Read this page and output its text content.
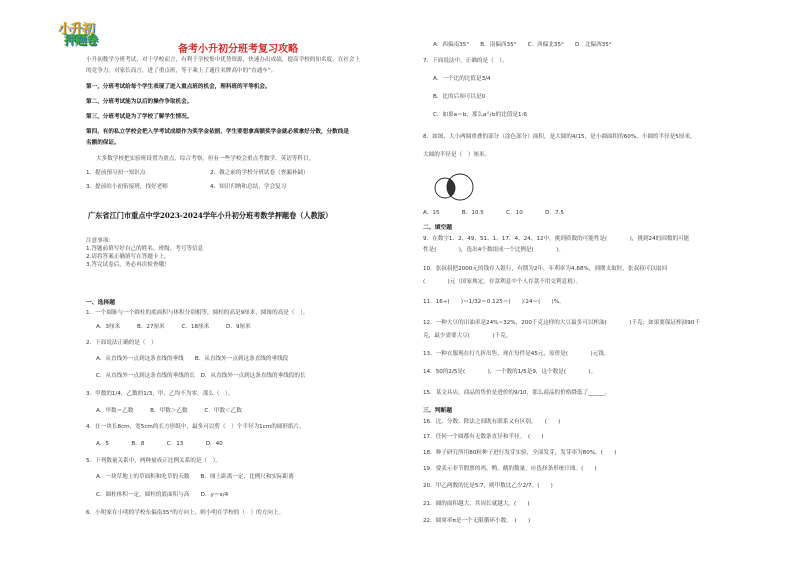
小升初
押题卷
备考小升初分班考复习攻略
小升初数学分班考试，对于学校而言，有利于学校集中优势资源，快速办出成绩，提高学校的知名度，在社会上
的竞争力。对家长而言，进了重点班，等于乘上了通往名牌高中的“直通车”。
第一，分班考试给每个学生表现了进入重点班的机会，理科班的平等机会。
第二，分班考试能为以后的操作争取机会。
第三，分班考试是为了学校了解学生情况。
第四，有的私立学校会把入学考试成绩作为奖学金依据，学生要想拿高额奖学金就必须拿好分数，分数线是
名额的保证。
大多数学校把实验班设置为重点，综合考察，但有一些学校会重点考数学、英语等科目。
1、提前预习初一知识点	2、做之前的学校分班试卷（查漏补缺）
3、提前给小初衔接班，找好老师	4、知识归纳和总结，学会复习
广东省江门市重点中学2023-2024学年小升初分班考数学押题卷（人教版）
注意事项：
1.答题前填写好自己的姓名、班级、考号等信息
2.请将答案正确填写在答题卡上。
3.答完试卷后，务必再次检查哦！
一、选择题
1．一个圆锥与一个圆柱的底面积与体积分别相等，圆柱的高是9厘米，圆锥的高是（　）。
A．3厘米　　　B．27厘米　　　C．18厘米　　　D．9厘米
2．下面说法正确的是（　）
A．从直线外一点到这条直线的垂线　　B．从直线外一点到这条直线的垂线段
C．从直线外一点到这条直线的垂线的长　D．从直线外一点到这条直线的垂线段的长
3．甲数的1/4，乙数的1/3，甲、乙均不为零，那么（　）。
A．甲数＝乙数　　　B．甲数＞乙数　　　C．甲数＜乙数
4．在一块长8cm，宽5cm的长方形纸中，最多可以剪（　）个半径为1cm的圆形纸片。
A．5　　　　B．8　　　　C．13　　　　D．40
5．下列数量关系中，两种量成正比例关系的是（　）。
A．一块草地上的草面积和吃草的天数　　B．图上距离一定，比例尺和实际距离
C．圆柱体积一定，圆柱的底面积与高　　D．y＝x/4
6．小明家在小明的学校东偏南35°的方向上，则小明在学校的（　）的方向上。
A．西偏南35°　　B．南偏西35°　　C．西偏北35°　　D．北偏西35°
7．下面说法中，正确的是（　）。
A．一个比的比值是3/4
B．比的后项可以是0
C．如果a＝b，那么a与b的比值是1:6
8．如图，大小两圆重叠的部分（涂色部分）面积，是大圆的4/15，是小圆面积的60%，小圆的半径是5厘米，
大圆的半径是（　）厘米。
A．15　　　　B．10.5　　　　C．10　　　　D．7.5
二、填空题
9．在数字1、2、49、51、1、17、4、24、12中，挑到质数的可能性是(　　　　)，挑到24的因数的可能
性是(　　　　)，选出4个数组成一个比例是(　　　　)。
10．张叔叔把2000元的钱存入银行，有期为2年，年利率为4.68%，到期支取时，张叔叔可以取回
(　　　　)元（国家规定，存款利息中个人存款不用交利息税）。
11．16÷(　　)＝1/32＝0.125＝(　　)∶24＝(　　)%。
12．一种大豆的出油率是24%~32%，200千克这样的大豆最多可以榨油(　　　　)千克；如果要保证榨油90千
克，最少需要大豆(　　　　)千克。
13．一种衣服现在打九折出售，现在每件是45元，原价是(　　　　)元钱。
14．50的2/5是(　　　　)，一个数的1/5是9，这个数是(　　　　)。
15．某文具店，商品的售价是进价的9/10，那么商品的价格降低了______。
三、判断题
16．比、分数、除法之间既有联系又有区别。　　(　　)
17．任何一个圆都有无数条直径和半径。　(　　)
18．种子研究所用80粒种子进行发芽实验，全部发芽，发芽率为80%。(　　)
19．要表示非节假票的鸡、鸭、鹅的数量，应选择条形统计图。(　　)
20．甲乙两数的比是5∶7，则甲数比乙少2/7。(　　)
21．圆的面积越大，其周长就越大。(　　)
22．圆周率π是一个无限循环小数。　(　　)
